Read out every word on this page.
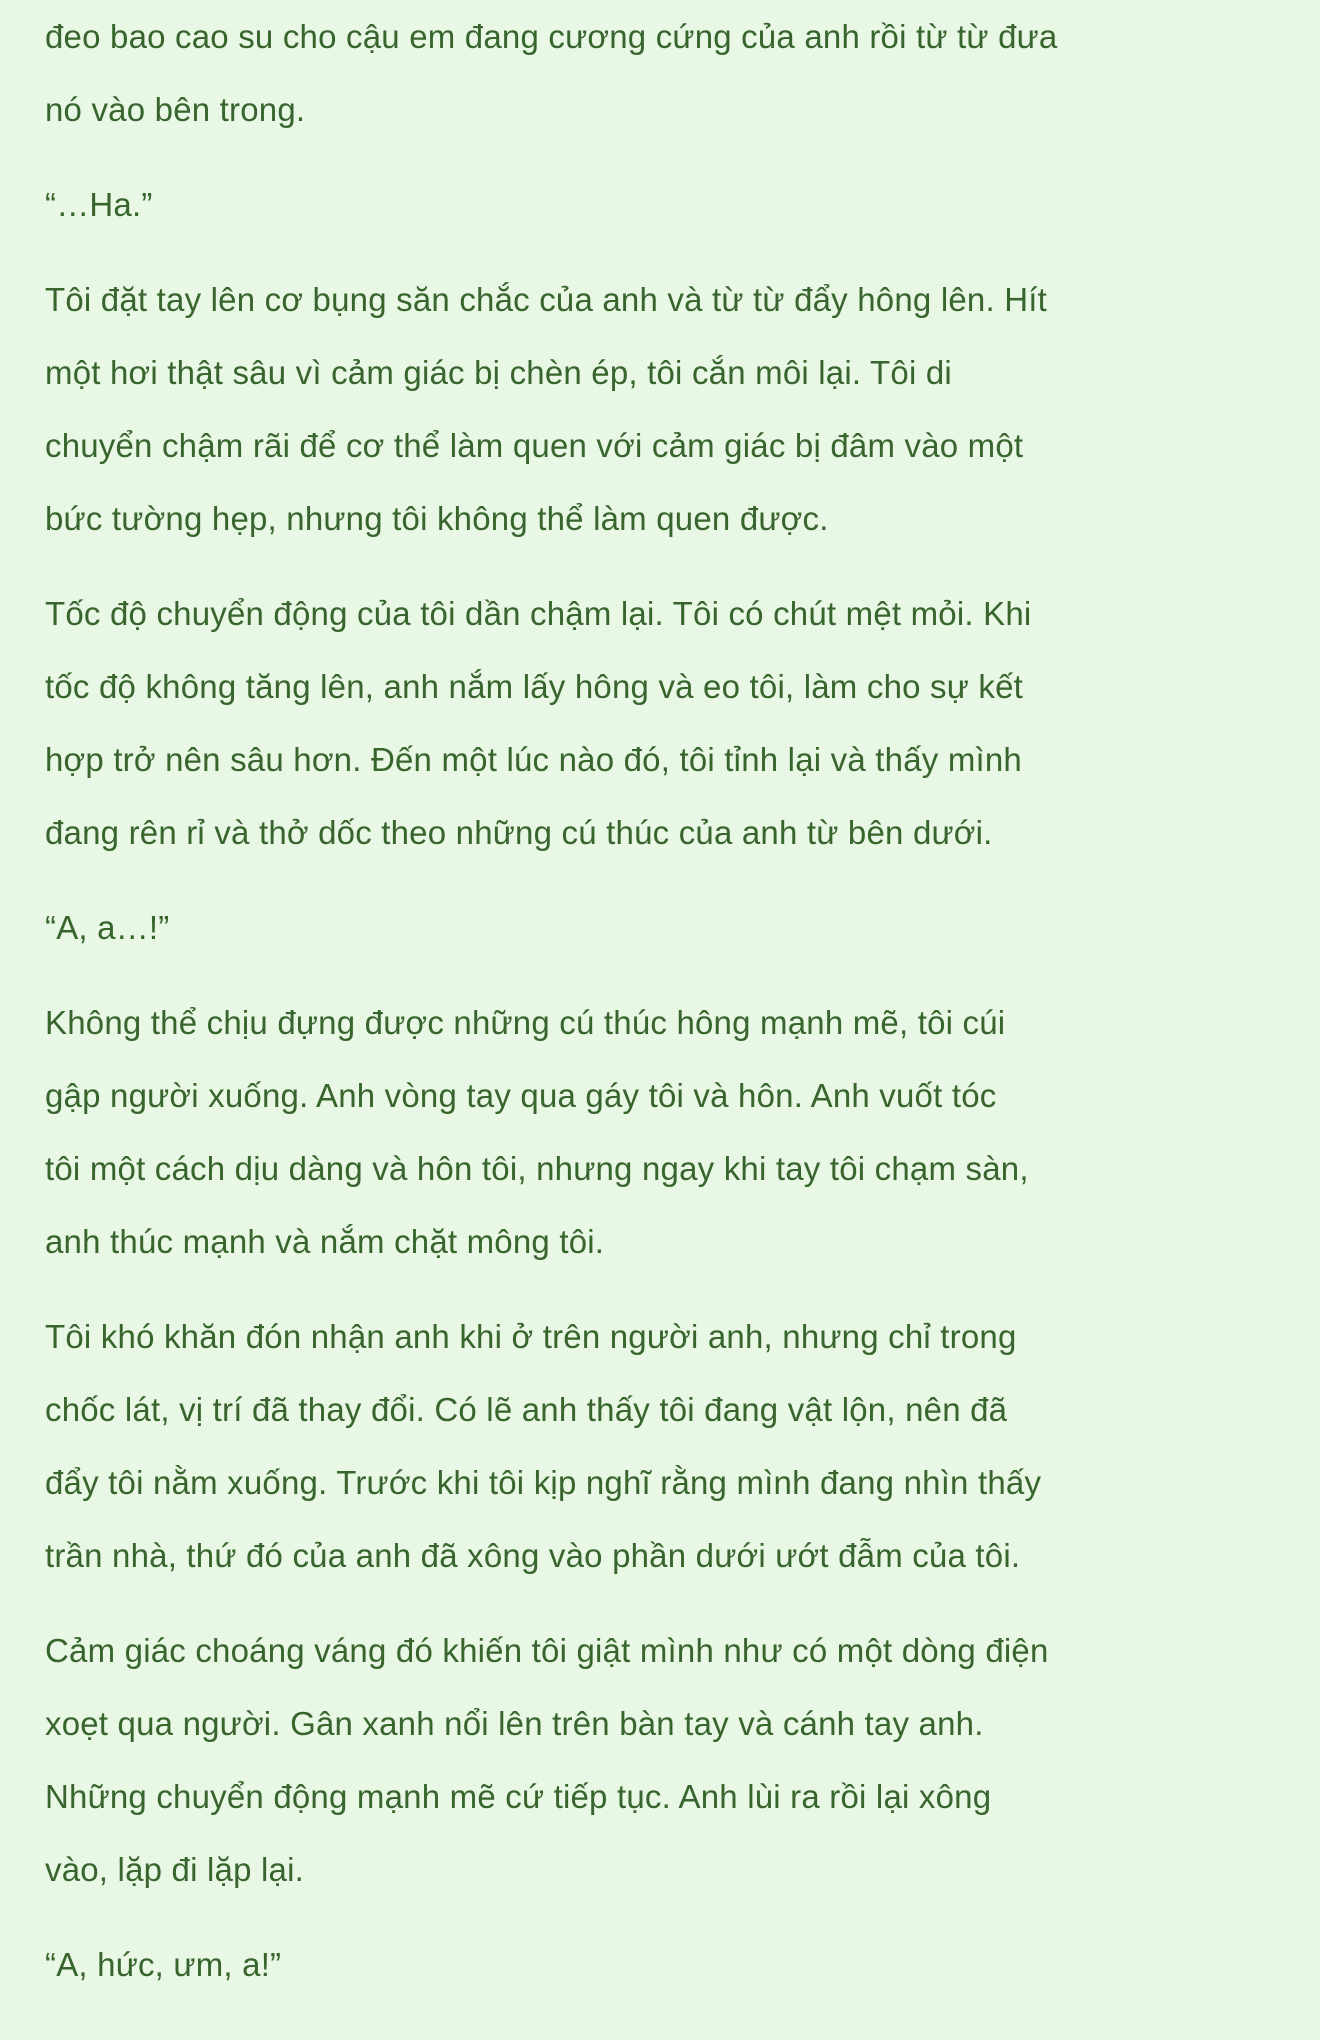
đeo bao cao su cho cậu em đang cương cứng của anh rồi từ từ đưa
nó vào bên trong.

“…Ha.”

Tôi đặt tay lên cơ bụng săn chắc của anh và từ từ đẩy hông lên. Hít
một hơi thật sâu vì cảm giác bị chèn ép, tôi cắn môi lại. Tôi di
chuyển chậm rãi để cơ thể làm quen với cảm giác bị đâm vào một
bức tường hẹp, nhưng tôi không thể làm quen được.

Tốc độ chuyển động của tôi dần chậm lại. Tôi có chút mệt mỏi. Khi
tốc độ không tăng lên, anh nắm lấy hông và eo tôi, làm cho sự kết
hợp trở nên sâu hơn. Đến một lúc nào đó, tôi tỉnh lại và thấy mình
đang rên rỉ và thở dốc theo những cú thúc của anh từ bên dưới.

“A, a…!”

Không thể chịu đựng được những cú thúc hông mạnh mẽ, tôi cúi
gập người xuống. Anh vòng tay qua gáy tôi và hôn. Anh vuốt tóc
tôi một cách dịu dàng và hôn tôi, nhưng ngay khi tay tôi chạm sàn,
anh thúc mạnh và nắm chặt mông tôi.

Tôi khó khăn đón nhận anh khi ở trên người anh, nhưng chỉ trong
chốc lát, vị trí đã thay đổi. Có lẽ anh thấy tôi đang vật lộn, nên đã
đẩy tôi nằm xuống. Trước khi tôi kịp nghĩ rằng mình đang nhìn thấy
trần nhà, thứ đó của anh đã xông vào phần dưới ướt đẫm của tôi.

Cảm giác choáng váng đó khiến tôi giật mình như có một dòng điện
xoẹt qua người. Gân xanh nổi lên trên bàn tay và cánh tay anh.
Những chuyển động mạnh mẽ cứ tiếp tục. Anh lùi ra rồi lại xông
vào, lặp đi lặp lại.

“A, hức, ưm, a!”
